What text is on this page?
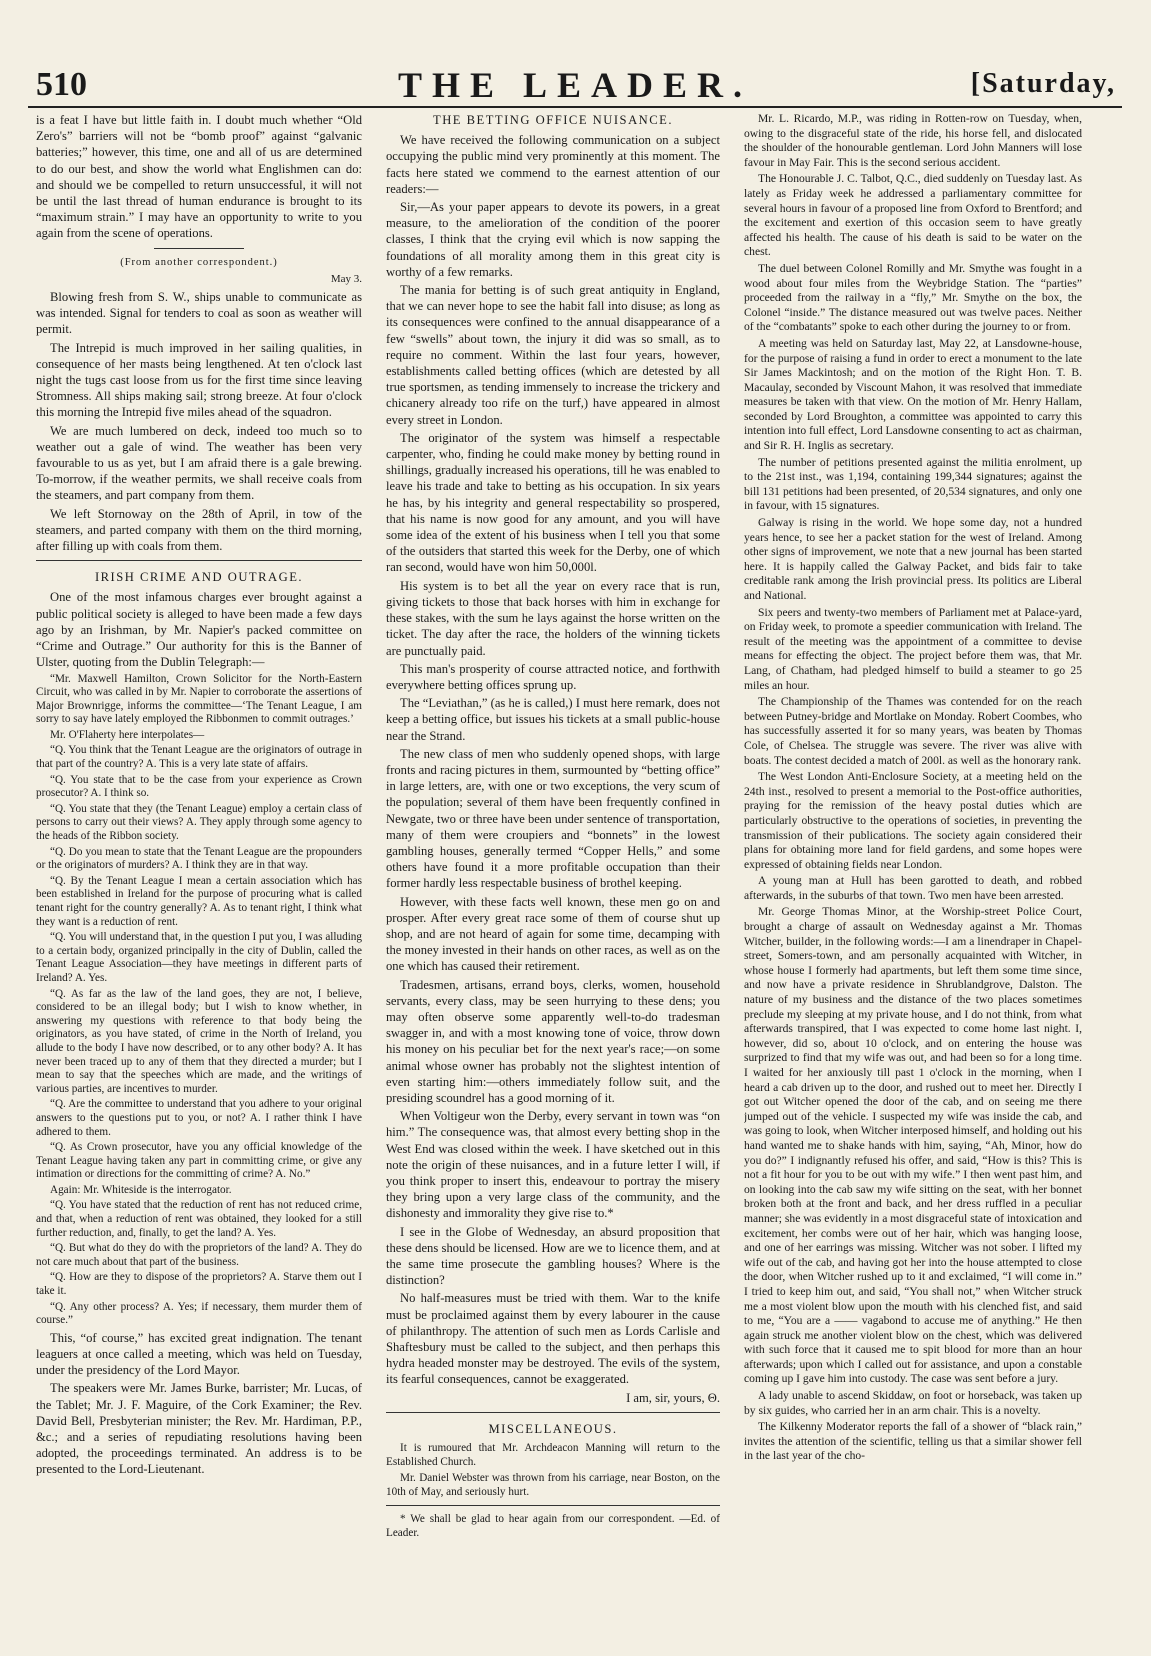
510	THE LEADER.	[Saturday,

is a feat I have but little faith in. I doubt much whether “Old Zero's” barriers will not be “bomb proof” against “galvanic batteries;” however, this time, one and all of us are determined to do our best, and show the world what Englishmen can do: and should we be compelled to return unsuccessful, it will not be until the last thread of human endurance is brought to its “maximum strain.” I may have an opportunity to write to you again from the scene of operations.

(From another correspondent.)
May 3.

Blowing fresh from S. W., ships unable to communicate as was intended. Signal for tenders to coal as soon as weather will permit.

The Intrepid is much improved in her sailing qualities, in consequence of her masts being lengthened. At ten o'clock last night the tugs cast loose from us for the first time since leaving Stromness. All ships making sail; strong breeze. At four o'clock this morning the Intrepid five miles ahead of the squadron.

We are much lumbered on deck, indeed too much so to weather out a gale of wind. The weather has been very favourable to us as yet, but I am afraid there is a gale brewing. To-morrow, if the weather permits, we shall receive coals from the steamers, and part company from them.

We left Stornoway on the 28th of April, in tow of the steamers, and parted company with them on the third morning, after filling up with coals from them.

IRISH CRIME AND OUTRAGE.

One of the most infamous charges ever brought against a public political society is alleged to have been made a few days ago by an Irishman, by Mr. Napier's packed committee on “Crime and Outrage.” Our authority for this is the Banner of Ulster, quoting from the Dublin Telegraph:—

“Mr. Maxwell Hamilton, Crown Solicitor for the North-Eastern Circuit, who was called in by Mr. Napier to corroborate the assertions of Major Brownrigge, informs the committee—‘The Tenant League, I am sorry to say have lately employed the Ribbonmen to commit outrages.’

Mr. O'Flaherty here interpolates—

“Q. You think that the Tenant League are the originators of outrage in that part of the country? A. This is a very late state of affairs.

“Q. You state that to be the case from your experience as Crown prosecutor? A. I think so.

“Q. You state that they (the Tenant League) employ a certain class of persons to carry out their views? A. They apply through some agency to the heads of the Ribbon society.

“Q. Do you mean to state that the Tenant League are the propounders or the originators of murders? A. I think they are in that way.

“Q. By the Tenant League I mean a certain association which has been established in Ireland for the purpose of procuring what is called tenant right for the country generally? A. As to tenant right, I think what they want is a reduction of rent.

“Q. You will understand that, in the question I put you, I was alluding to a certain body, organized principally in the city of Dublin, called the Tenant League Association—they have meetings in different parts of Ireland? A. Yes.

“Q. As far as the law of the land goes, they are not, I believe, considered to be an illegal body; but I wish to know whether, in answering my questions with reference to that body being the originators, as you have stated, of crime in the North of Ireland, you allude to the body I have now described, or to any other body? A. It has never been traced up to any of them that they directed a murder; but I mean to say that the speeches which are made, and the writings of various parties, are incentives to murder.

“Q. Are the committee to understand that you adhere to your original answers to the questions put to you, or not? A. I rather think I have adhered to them.

“Q. As Crown prosecutor, have you any official knowledge of the Tenant League having taken any part in committing crime, or give any intimation or directions for the committing of crime? A. No.”

Again: Mr. Whiteside is the interrogator.

“Q. You have stated that the reduction of rent has not reduced crime, and that, when a reduction of rent was obtained, they looked for a still further reduction, and, finally, to get the land? A. Yes.

“Q. But what do they do with the proprietors of the land? A. They do not care much about that part of the business.

“Q. How are they to dispose of the proprietors? A. Starve them out I take it.

“Q. Any other process? A. Yes; if necessary, them murder them of course.”

This, “of course,” has excited great indignation. The tenant leaguers at once called a meeting, which was held on Tuesday, under the presidency of the Lord Mayor.

The speakers were Mr. James Burke, barrister; Mr. Lucas, of the Tablet; Mr. J. F. Maguire, of the Cork Examiner; the Rev. David Bell, Presbyterian minister; the Rev. Mr. Hardiman, P.P., &c.; and a series of repudiating resolutions having been adopted, the proceedings terminated. An address is to be presented to the Lord-Lieutenant.

THE BETTING OFFICE NUISANCE.

We have received the following communication on a subject occupying the public mind very prominently at this moment. The facts here stated we commend to the earnest attention of our readers:—

Sir,—As your paper appears to devote its powers, in a great measure, to the amelioration of the condition of the poorer classes, I think that the crying evil which is now sapping the foundations of all morality among them in this great city is worthy of a few remarks.

The mania for betting is of such great antiquity in England, that we can never hope to see the habit fall into disuse; as long as its consequences were confined to the annual disappearance of a few “swells” about town, the injury it did was so small, as to require no comment. Within the last four years, however, establishments called betting offices (which are detested by all true sportsmen, as tending immensely to increase the trickery and chicanery already too rife on the turf,) have appeared in almost every street in London.

The originator of the system was himself a respectable carpenter, who, finding he could make money by betting round in shillings, gradually increased his operations, till he was enabled to leave his trade and take to betting as his occupation. In six years he has, by his integrity and general respectability so prospered, that his name is now good for any amount, and you will have some idea of the extent of his business when I tell you that some of the outsiders that started this week for the Derby, one of which ran second, would have won him 50,000l.

His system is to bet all the year on every race that is run, giving tickets to those that back horses with him in exchange for these stakes, with the sum he lays against the horse written on the ticket. The day after the race, the holders of the winning tickets are punctually paid.

This man's prosperity of course attracted notice, and forthwith everywhere betting offices sprung up.

The “Leviathan,” (as he is called,) I must here remark, does not keep a betting office, but issues his tickets at a small public-house near the Strand.

The new class of men who suddenly opened shops, with large fronts and racing pictures in them, surmounted by “betting office” in large letters, are, with one or two exceptions, the very scum of the population; several of them have been frequently confined in Newgate, two or three have been under sentence of transportation, many of them were croupiers and “bonnets” in the lowest gambling houses, generally termed “Copper Hells,” and some others have found it a more profitable occupation than their former hardly less respectable business of brothel keeping.

However, with these facts well known, these men go on and prosper. After every great race some of them of course shut up shop, and are not heard of again for some time, decamping with the money invested in their hands on other races, as well as on the one which has caused their retirement.

Tradesmen, artisans, errand boys, clerks, women, household servants, every class, may be seen hurrying to these dens; you may often observe some apparently well-to-do tradesman swagger in, and with a most knowing tone of voice, throw down his money on his peculiar bet for the next year's race;—on some animal whose owner has probably not the slightest intention of even starting him:—others immediately follow suit, and the presiding scoundrel has a good morning of it.

When Voltigeur won the Derby, every servant in town was “on him.” The consequence was, that almost every betting shop in the West End was closed within the week. I have sketched out in this note the origin of these nuisances, and in a future letter I will, if you think proper to insert this, endeavour to portray the misery they bring upon a very large class of the community, and the dishonesty and immorality they give rise to.*

I see in the Globe of Wednesday, an absurd proposition that these dens should be licensed. How are we to licence them, and at the same time prosecute the gambling houses? Where is the distinction?

No half-measures must be tried with them. War to the knife must be proclaimed against them by every labourer in the cause of philanthropy. The attention of such men as Lords Carlisle and Shaftesbury must be called to the subject, and then perhaps this hydra headed monster may be destroyed. The evils of the system, its fearful consequences, cannot be exaggerated.

I am, sir, yours, Θ.
MISCELLANEOUS.

It is rumoured that Mr. Archdeacon Manning will return to the Established Church.

Mr. Daniel Webster was thrown from his carriage, near Boston, on the 10th of May, and seriously hurt.

* We shall be glad to hear again from our correspondent. —Ed. of Leader.

Mr. L. Ricardo, M.P., was riding in Rotten-row on Tuesday, when, owing to the disgraceful state of the ride, his horse fell, and dislocated the shoulder of the honourable gentleman. Lord John Manners will lose favour in May Fair. This is the second serious accident.

The Honourable J. C. Talbot, Q.C., died suddenly on Tuesday last. As lately as Friday week he addressed a parliamentary committee for several hours in favour of a proposed line from Oxford to Brentford; and the excitement and exertion of this occasion seem to have greatly affected his health. The cause of his death is said to be water on the chest.

The duel between Colonel Romilly and Mr. Smythe was fought in a wood about four miles from the Weybridge Station. The “parties” proceeded from the railway in a “fly,” Mr. Smythe on the box, the Colonel “inside.” The distance measured out was twelve paces. Neither of the “combatants” spoke to each other during the journey to or from.

A meeting was held on Saturday last, May 22, at Lansdowne-house, for the purpose of raising a fund in order to erect a monument to the late Sir James Mackintosh; and on the motion of the Right Hon. T. B. Macaulay, seconded by Viscount Mahon, it was resolved that immediate measures be taken with that view. On the motion of Mr. Henry Hallam, seconded by Lord Broughton, a committee was appointed to carry this intention into full effect, Lord Lansdowne consenting to act as chairman, and Sir R. H. Inglis as secretary.

The number of petitions presented against the militia enrolment, up to the 21st inst., was 1,194, containing 199,344 signatures; against the bill 131 petitions had been presented, of 20,534 signatures, and only one in favour, with 15 signatures.

Galway is rising in the world. We hope some day, not a hundred years hence, to see her a packet station for the west of Ireland. Among other signs of improvement, we note that a new journal has been started here. It is happily called the Galway Packet, and bids fair to take creditable rank among the Irish provincial press. Its politics are Liberal and National.

Six peers and twenty-two members of Parliament met at Palace-yard, on Friday week, to promote a speedier communication with Ireland. The result of the meeting was the appointment of a committee to devise means for effecting the object. The project before them was, that Mr. Lang, of Chatham, had pledged himself to build a steamer to go 25 miles an hour.

The Championship of the Thames was contended for on the reach between Putney-bridge and Mortlake on Monday. Robert Coombes, who has successfully asserted it for so many years, was beaten by Thomas Cole, of Chelsea. The struggle was severe. The river was alive with boats. The contest decided a match of 200l. as well as the honorary rank.

The West London Anti-Enclosure Society, at a meeting held on the 24th inst., resolved to present a memorial to the Post-office authorities, praying for the remission of the heavy postal duties which are particularly obstructive to the operations of societies, in preventing the transmission of their publications. The society again considered their plans for obtaining more land for field gardens, and some hopes were expressed of obtaining fields near London.

A young man at Hull has been garotted to death, and robbed afterwards, in the suburbs of that town. Two men have been arrested.

Mr. George Thomas Minor, at the Worship-street Police Court, brought a charge of assault on Wednesday against a Mr. Thomas Witcher, builder, in the following words:—I am a linendraper in Chapel-street, Somers-town, and am personally acquainted with Witcher, in whose house I formerly had apartments, but left them some time since, and now have a private residence in Shrublandgrove, Dalston. The nature of my business and the distance of the two places sometimes preclude my sleeping at my private house, and I do not think, from what afterwards transpired, that I was expected to come home last night. I, however, did so, about 10 o'clock, and on entering the house was surprized to find that my wife was out, and had been so for a long time. I waited for her anxiously till past 1 o'clock in the morning, when I heard a cab driven up to the door, and rushed out to meet her. Directly I got out Witcher opened the door of the cab, and on seeing me there jumped out of the vehicle. I suspected my wife was inside the cab, and was going to look, when Witcher interposed himself, and holding out his hand wanted me to shake hands with him, saying, “Ah, Minor, how do you do?” I indignantly refused his offer, and said, “How is this? This is not a fit hour for you to be out with my wife.” I then went past him, and on looking into the cab saw my wife sitting on the seat, with her bonnet broken both at the front and back, and her dress ruffled in a peculiar manner; she was evidently in a most disgraceful state of intoxication and excitement, her combs were out of her hair, which was hanging loose, and one of her earrings was missing. Witcher was not sober. I lifted my wife out of the cab, and having got her into the house attempted to close the door, when Witcher rushed up to it and exclaimed, “I will come in.” I tried to keep him out, and said, “You shall not,” when Witcher struck me a most violent blow upon the mouth with his clenched fist, and said to me, “You are a —— vagabond to accuse me of anything.” He then again struck me another violent blow on the chest, which was delivered with such force that it caused me to spit blood for more than an hour afterwards; upon which I called out for assistance, and upon a constable coming up I gave him into custody. The case was sent before a jury.

A lady unable to ascend Skiddaw, on foot or horseback, was taken up by six guides, who carried her in an arm chair. This is a novelty.

The Kilkenny Moderator reports the fall of a shower of “black rain,” invites the attention of the scientific, telling us that a similar shower fell in the last year of the cho-
